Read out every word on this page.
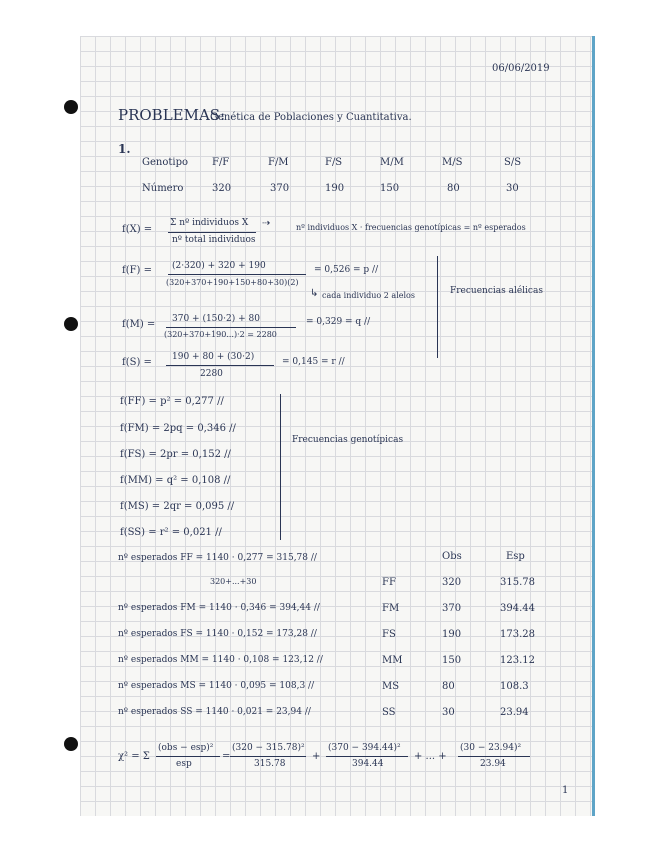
06/06/2019
PROBLEMAS:
Genética de Poblaciones y Cuantitativa.
1.
Genotipo F/F	F/M	F/S	M/M	M/S	S/S
Número	320	370	190	150	80	30
f(X) =
Σ nº individuos X
nº total individuos
⇢	nº individuos X · frecuencias genotípicas = nº esperados
f(F) = (2·320) + 320 + 190
(320+370+190+150+80+30)(2)
= 0,526 = p //
↳ cada individuo 2 alelos
f(M) = 370 + (150·2) + 80
(320+370+190...)·2 = 2280
= 0,329 = q //
f(S) = 190 + 80 + (30·2)
2280
= 0,145 = r //
Frecuencias alélicas
f(FF) = p² = 0,277 //
f(FM) = 2pq = 0,346 //
f(FS) = 2pr = 0,152 //
f(MM) = q² = 0,108 //
f(MS) = 2qr = 0,095 //
f(SS) = r² = 0,021 //
Frecuencias genotípicas
nº esperados FF = 1140 · 0,277 = 315,78 //
320+...+30
nº esperados FM = 1140 · 0,346 = 394,44 //
nº esperados FS = 1140 · 0,152 = 173,28 //
nº esperados MM = 1140 · 0,108 = 123,12 //
nº esperados MS = 1140 · 0,095 = 108,3 //
nº esperados SS = 1140 · 0,021 = 23,94 //
Obs	Esp
FF	320	315.78
FM	370	394.44
FS	190	173.28
MM	150	123.12
MS	80	108.3
SS	30	23.94
χ² = Σ
(obs − esp)²
esp
=
(320 − 315.78)²
315.78
+
(370 − 394.44)²
394.44
+ ... +
(30 − 23.94)²
23.94
1
